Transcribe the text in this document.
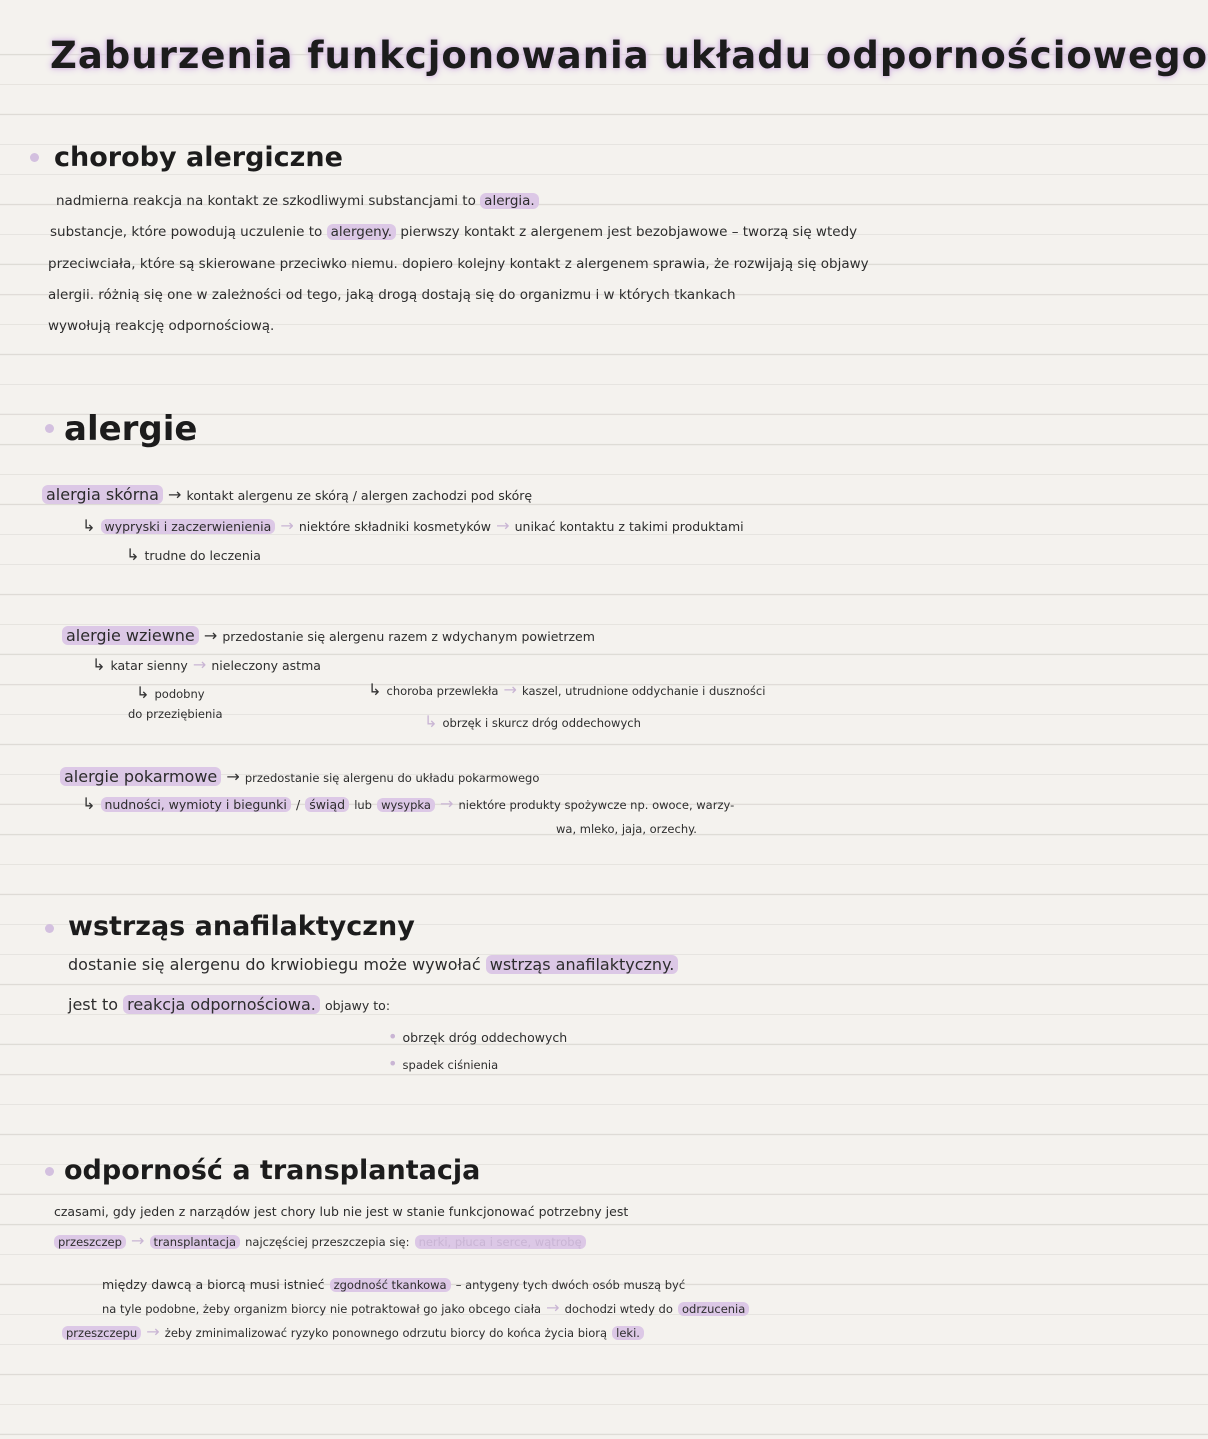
Zaburzenia funkcjonowania układu odpornościowego
choroby alergiczne
nadmierna reakcja na kontakt ze szkodliwymi substancjami to alergia.
substancje, które powodują uczulenie to alergeny. pierwszy kontakt z alergenem jest bezobjawowe – tworzą się wtedy
przeciwciała, które są skierowane przeciwko niemu. dopiero kolejny kontakt z alergenem sprawia, że rozwijają się objawy
alergii. różnią się one w zależności od tego, jaką drogą dostają się do organizmu i w których tkankach
wywołują reakcję odpornościową.
alergie
alergia skórna → kontakt alergenu ze skórą / alergen zachodzi pod skórę
↳ wypryski i zaczerwienienia → niektóre składniki kosmetyków → unikać kontaktu z takimi produktami
↳ trudne do leczenia
alergie wziewne → przedostanie się alergenu razem z wdychanym powietrzem
↳ katar sienny → nieleczony astma
↳ podobny
do przeziębienia
↳ choroba przewlekła → kaszel, utrudnione oddychanie i duszności
↳ obrzęk i skurcz dróg oddechowych
alergie pokarmowe → przedostanie się alergenu do układu pokarmowego
↳ nudności, wymioty i biegunki / świąd lub wysypka → niektóre produkty spożywcze np. owoce, warzy-
wa, mleko, jaja, orzechy.
wstrząs anafilaktyczny
dostanie się alergenu do krwiobiegu może wywołać wstrząs anafilaktyczny.
jest to reakcja odpornościowa. objawy to:
• obrzęk dróg oddechowych
• spadek ciśnienia
odporność a transplantacja
czasami, gdy jeden z narządów jest chory lub nie jest w stanie funkcjonować potrzebny jest
przeszczep → transplantacja najczęściej przeszczepia się: nerki, płuca i serce, wątrobę
między dawcą a biorcą musi istnieć zgodność tkankowa – antygeny tych dwóch osób muszą być
na tyle podobne, żeby organizm biorcy nie potraktował go jako obcego ciała → dochodzi wtedy do odrzucenia
przeszczepu → żeby zminimalizować ryzyko ponownego odrzutu biorcy do końca życia biorą leki.
